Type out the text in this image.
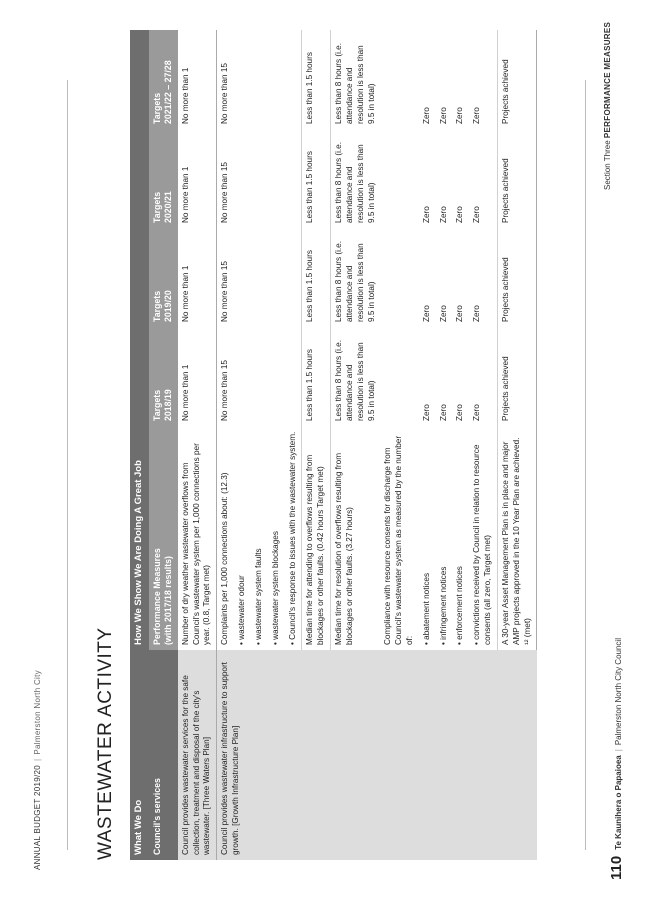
ANNUAL BUDGET 2019/20|Palmerston North City
Section Three PERFORMANCE MEASURES
110Te Kaunihera o Papaioea|Palmerston North City Council
WASTEWATER ACTIVITY	What We Do	How We Show We Are Doing A Great Job				
Council's services	Performance Measures (with 2017/18 results)	Targets 2018/19	Targets 2019/20	Targets 2020/21	Targets 2021/22 – 27/28
Council provides wastewater services for the safe collection, treatment and disposal of the city's wastewater. [Three Waters Plan]	Number of dry weather wastewater overflows from Council's wastewater system per 1,000 connections per year. (0.8, Target met)	No more than 1	No more than 1	No more than 1	No more than 1
Council provides wastewater infrastructure to support growth. [Growth Infrastructure Plan]	Complaints per 1,000 connections about: (12.3)	No more than 15	No more than 15	No more than 15	No more than 15
	• wastewater odour				
	• wastewater system faults				
	• wastewater system blockages				
	• Council's response to issues with the wastewater system.				
	Median time for attending to overflows resulting from blockages or other faults. (0.42 hours Target met)	Less than 1.5 hours	Less than 1.5 hours	Less than 1.5 hours	Less than 1.5 hours
	Median time for resolution of overflows resulting from blockages or other faults. (3.27 hours)	Less than 8 hours (i.e. attendance and resolution is less than 9.5 in total)	Less than 8 hours (i.e. attendance and resolution is less than 9.5 in total)	Less than 8 hours (i.e. attendance and resolution is less than 9.5 in total)	Less than 8 hours (i.e. attendance and resolution is less than 9.5 in total)
	Compliance with resource consents for discharge from Council's wastewater system as measured by the number of:				
	• abatement notices	Zero	Zero	Zero	Zero
	• infringement notices	Zero	Zero	Zero	Zero
	• enforcement notices	Zero	Zero	Zero	Zero
	• convictions received by Council in relation to resource consents (all zero, Target met)	Zero	Zero	Zero	Zero
	A 30-year Asset Management Plan is in place and major AMP projects approved in the 10 Year Plan are achieved. ¹² (met)	Projects achieved	Projects achieved	Projects achieved	Projects achieved
